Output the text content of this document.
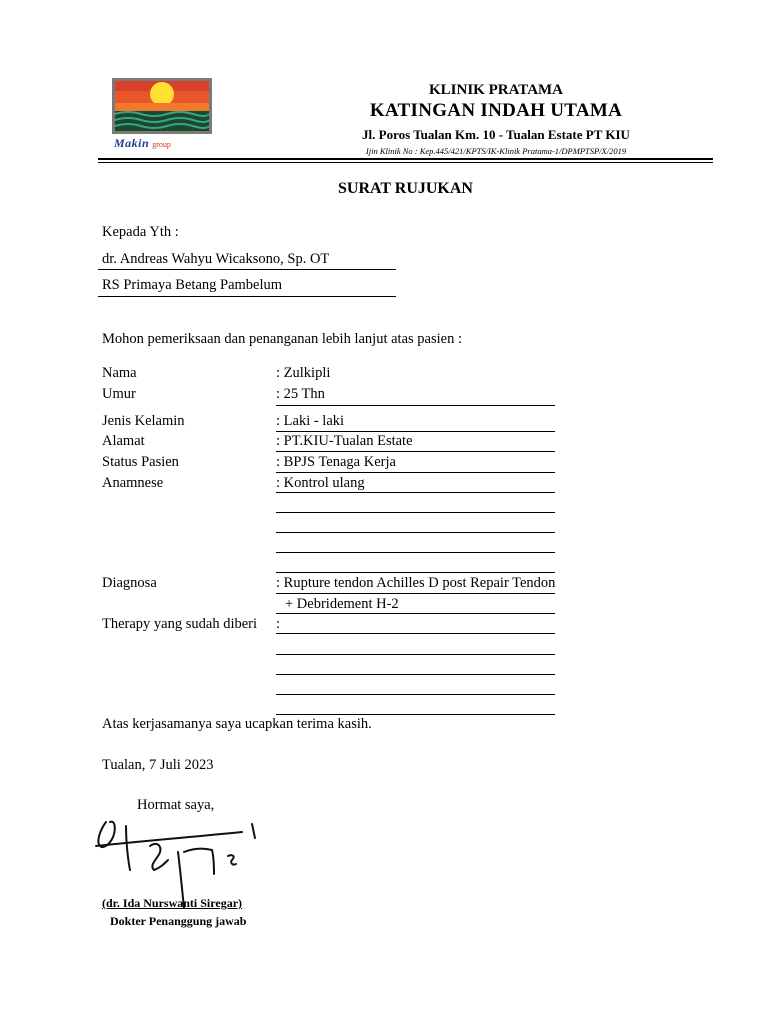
Makin group
KLINIK PRATAMA
KATINGAN INDAH UTAMA
Jl. Poros Tualan Km. 10 - Tualan Estate PT KIU
Ijin Klinik No : Kep.445/421/KPTS/IK-Klinik Pratama-1/DPMPTSP/X/2019
SURAT RUJUKAN
Kepada Yth :
dr. Andreas Wahyu Wicaksono, Sp. OT
RS Primaya Betang Pambelum
Mohon pemeriksaan dan penanganan lebih lanjut atas pasien :
Nama	: Zulkipli
Umur	: 25 Thn
Jenis Kelamin	: Laki - laki
Alamat	: PT.KIU-Tualan Estate
Status Pasien	: BPJS Tenaga Kerja
Anamnese	: Kontrol ulang
Diagnosa	: Rupture tendon Achilles D post Repair Tendon
+ Debridement H-2
Therapy yang sudah diberi :
Atas kerjasamanya saya ucapkan terima kasih.
Tualan, 7 Juli 2023
Hormat saya,
(dr. Ida Nurswanti Siregar)
Dokter Penanggung jawab
